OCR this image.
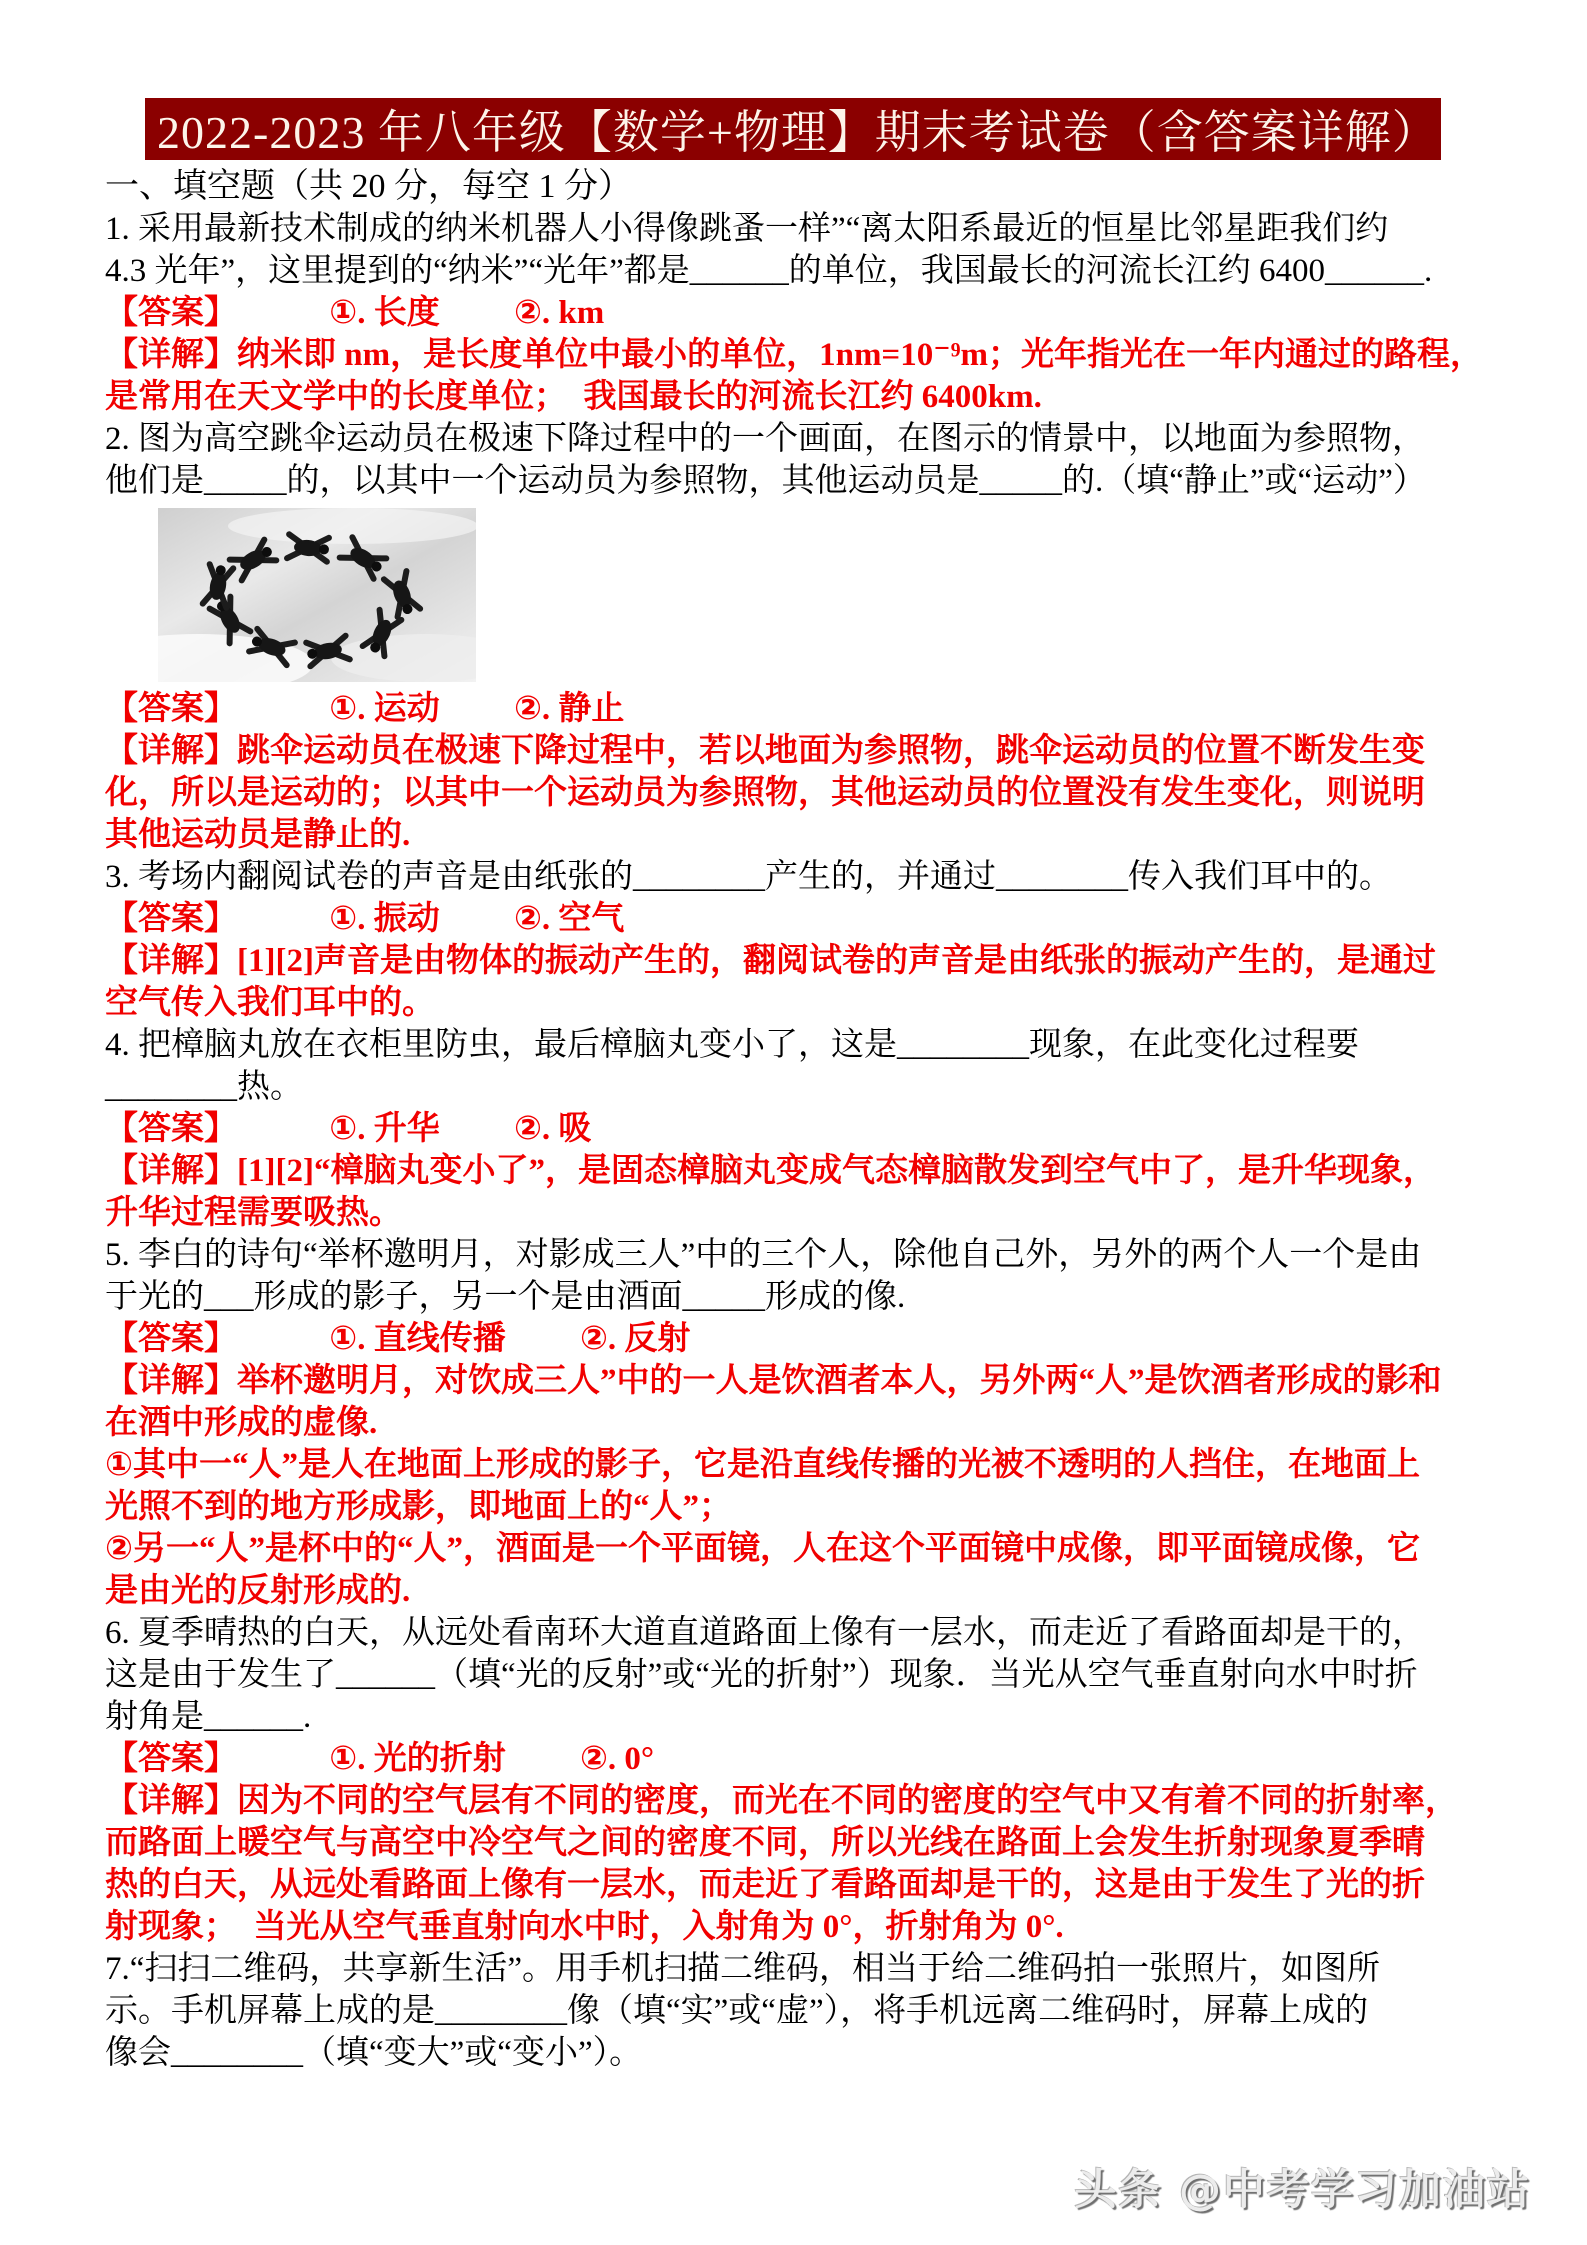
2022-2023 年八年级【数学+物理】期末考试卷（含答案详解）
一、填空题（共 20 分，每空 1 分）
1. 采用最新技术制成的纳米机器人小得像跳蚤一样”“离太阳系最近的恒星比邻星距我们约
4.3 光年”，这里提到的“纳米”“光年”都是______的单位，我国最长的河流长江约 6400______.
【答案】	①. 长度 ②. km
【详解】纳米即 nm，是长度单位中最小的单位，1nm=10⁻⁹m；光年指光在一年内通过的路程，
是常用在天文学中的长度单位；　我国最长的河流长江约 6400km.
2. 图为高空跳伞运动员在极速下降过程中的一个画面，在图示的情景中，以地面为参照物，
他们是_____的，以其中一个运动员为参照物，其他运动员是_____的.（填“静止”或“运动”）
【答案】	①. 运动 ②. 静止
【详解】跳伞运动员在极速下降过程中，若以地面为参照物，跳伞运动员的位置不断发生变
化，所以是运动的；以其中一个运动员为参照物，其他运动员的位置没有发生变化，则说明
其他运动员是静止的.
3. 考场内翻阅试卷的声音是由纸张的________产生的，并通过________传入我们耳中的。
【答案】	①. 振动 ②. 空气
【详解】[1][2]声音是由物体的振动产生的，翻阅试卷的声音是由纸张的振动产生的，是通过
空气传入我们耳中的。
4. 把樟脑丸放在衣柜里防虫，最后樟脑丸变小了，这是________现象，在此变化过程要
________热。
【答案】	①. 升华 ②. 吸
【详解】[1][2]“樟脑丸变小了”，是固态樟脑丸变成气态樟脑散发到空气中了，是升华现象，
升华过程需要吸热。
5. 李白的诗句“举杯邀明月，对影成三人”中的三个人，除他自己外，另外的两个人一个是由
于光的___形成的影子，另一个是由酒面_____形成的像.
【答案】	①. 直线传播 ②. 反射
【详解】举杯邀明月，对饮成三人”中的一人是饮酒者本人，另外两“人”是饮酒者形成的影和
在酒中形成的虚像.
①其中一“人”是人在地面上形成的影子，它是沿直线传播的光被不透明的人挡住，在地面上
光照不到的地方形成影，即地面上的“人”；
②另一“人”是杯中的“人”，酒面是一个平面镜，人在这个平面镜中成像，即平面镜成像，它
是由光的反射形成的.
6. 夏季晴热的白天，从远处看南环大道直道路面上像有一层水，而走近了看路面却是干的，
这是由于发生了______（填“光的反射”或“光的折射”）现象．当光从空气垂直射向水中时折
射角是______.
【答案】	①. 光的折射 ②. 0°
【详解】因为不同的空气层有不同的密度，而光在不同的密度的空气中又有着不同的折射率，
而路面上暖空气与高空中冷空气之间的密度不同，所以光线在路面上会发生折射现象夏季晴
热的白天，从远处看路面上像有一层水，而走近了看路面却是干的，这是由于发生了光的折
射现象；　当光从空气垂直射向水中时，入射角为 0°，折射角为 0°.
7.“扫扫二维码，共享新生活”。用手机扫描二维码，相当于给二维码拍一张照片，如图所
示。手机屏幕上成的是________像（填“实”或“虚”），将手机远离二维码时，屏幕上成的
像会________（填“变大”或“变小”）。
头条 @中考学习加油站
